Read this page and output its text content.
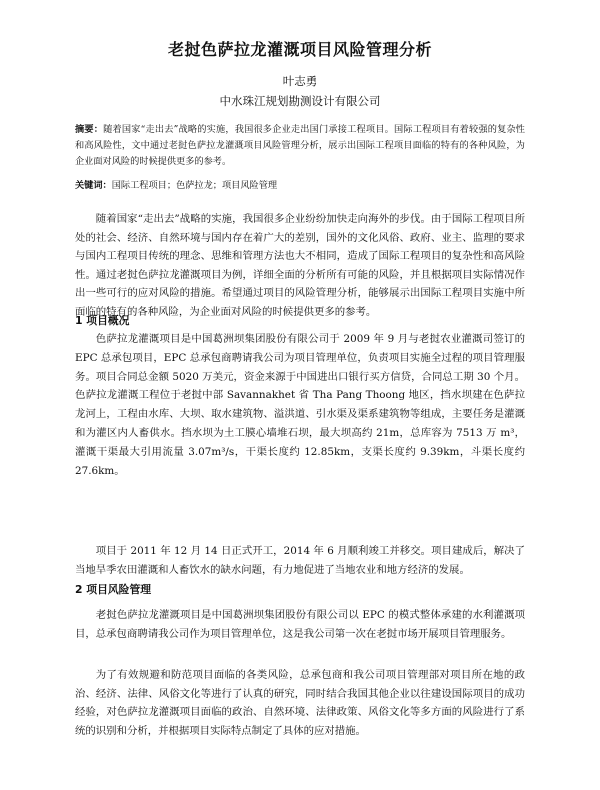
老挝色萨拉龙灌溉项目风险管理分析
叶志勇
中水珠江规划勘测设计有限公司
摘要：随着国家“走出去”战略的实施，我国很多企业走出国门承接工程项目。国际工程项目有着较强的复杂性和高风险性，文中通过老挝色萨拉龙灌溉项目风险管理分析，展示出国际工程项目面临的特有的各种风险，为企业面对风险的时候提供更多的参考。
关键词：国际工程项目；色萨拉龙；项目风险管理

随着国家“走出去”战略的实施，我国很多企业纷纷加快走向海外的步伐。由于国际工程项目所处的社会、经济、自然环境与国内存在着广大的差别，国外的文化风俗、政府、业主、监理的要求与国内工程项目传统的理念、思维和管理方法也大不相同，造成了国际工程项目的复杂性和高风险性。通过老挝色萨拉龙灌溉项目为例，详细全面的分析所有可能的风险，并且根据项目实际情况作出一些可行的应对风险的措施。希望通过项目的风险管理分析，能够展示出国际工程项目实施中所面临的特有的各种风险，为企业面对风险的时候提供更多的参考。

1 项目概况

色萨拉龙灌溉项目是中国葛洲坝集团股份有限公司于 2009 年 9 月与老挝农业灌溉司签订的 EPC 总承包项目，EPC 总承包商聘请我公司为项目管理单位，负责项目实施全过程的项目管理服务。项目合同总金额 5020 万美元，资金来源于中国进出口银行买方信贷，合同总工期 30 个月。色萨拉龙灌溉工程位于老挝中部 Savannakhet 省 Tha Pang Thoong 地区，挡水坝建在色萨拉龙河上，工程由水库、大坝、取水建筑物、溢洪道、引水渠及渠系建筑物等组成，主要任务是灌溉和为灌区内人畜供水。挡水坝为土工膜心墙堆石坝，最大坝高约 21m，总库容为 7513 万 m³，灌溉干渠最大引用流量 3.07m³/s，干渠长度约 12.85km，支渠长度约 9.39km，斗渠长度约 27.6km。

项目于 2011 年 12 月 14 日正式开工，2014 年 6 月顺利竣工并移交。项目建成后，解决了当地旱季农田灌溉和人畜饮水的缺水问题，有力地促进了当地农业和地方经济的发展。

2 项目风险管理

老挝色萨拉龙灌溉项目是中国葛洲坝集团股份有限公司以 EPC 的模式整体承建的水利灌溉项目，总承包商聘请我公司作为项目管理单位，这是我公司第一次在老挝市场开展项目管理服务。

为了有效规避和防范项目面临的各类风险，总承包商和我公司项目管理部对项目所在地的政治、经济、法律、风俗文化等进行了认真的研究，同时结合我国其他企业以往建设国际项目的成功经验，对色萨拉龙灌溉项目面临的政治、自然环境、法律政策、风俗文化等多方面的风险进行了系统的识别和分析，并根据项目实际特点制定了具体的应对措施。
